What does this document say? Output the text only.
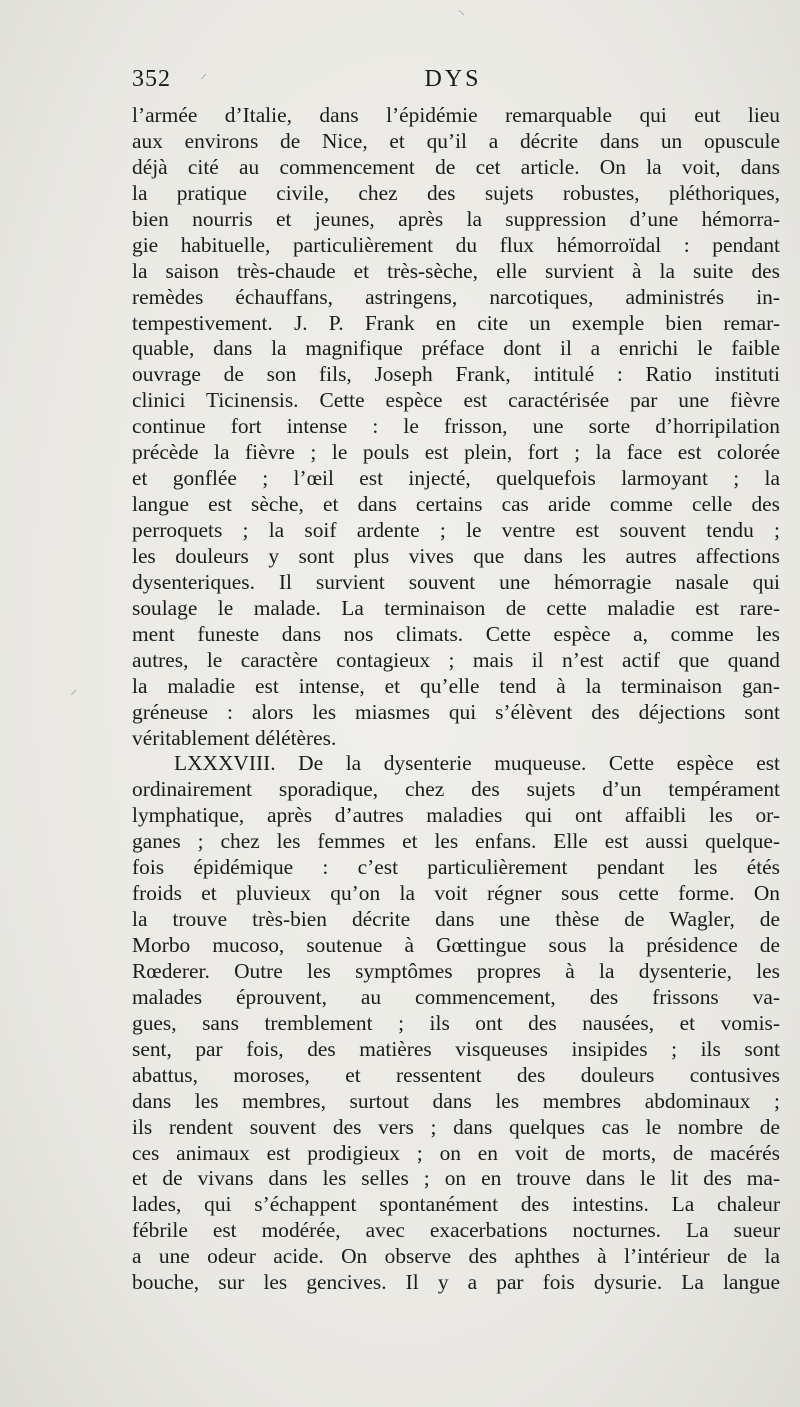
⸍
⸌
⸝
352	DYS
l’armée d’Italie, dans l’épidémie remarquable qui eut lieu
aux environs de Nice, et qu’il a décrite dans un opuscule
déjà cité au commencement de cet article. On la voit, dans
la pratique civile, chez des sujets robustes, pléthoriques,
bien nourris et jeunes, après la suppression d’une hémorra-
gie habituelle, particulièrement du flux hémorroïdal : pendant
la saison très-chaude et très-sèche, elle survient à la suite des
remèdes échauffans, astringens, narcotiques, administrés in-
tempestivement. J. P. Frank en cite un exemple bien remar-
quable, dans la magnifique préface dont il a enrichi le faible
ouvrage de son fils, Joseph Frank, intitulé : Ratio instituti
clinici Ticinensis. Cette espèce est caractérisée par une fièvre
continue fort intense : le frisson, une sorte d’horripilation
précède la fièvre ; le pouls est plein, fort ; la face est colorée
et gonflée ; l’œil est injecté, quelquefois larmoyant ; la
langue est sèche, et dans certains cas aride comme celle des
perroquets ; la soif ardente ; le ventre est souvent tendu ;
les douleurs y sont plus vives que dans les autres affections
dysenteriques. Il survient souvent une hémorragie nasale qui
soulage le malade. La terminaison de cette maladie est rare-
ment funeste dans nos climats. Cette espèce a, comme les
autres, le caractère contagieux ; mais il n’est actif que quand
la maladie est intense, et qu’elle tend à la terminaison gan-
gréneuse : alors les miasmes qui s’élèvent des déjections sont
véritablement délétères.
LXXXVIII. De la dysenterie muqueuse. Cette espèce est
ordinairement sporadique, chez des sujets d’un tempérament
lymphatique, après d’autres maladies qui ont affaibli les or-
ganes ; chez les femmes et les enfans. Elle est aussi quelque-
fois épidémique : c’est particulièrement pendant les étés
froids et pluvieux qu’on la voit régner sous cette forme. On
la trouve très-bien décrite dans une thèse de Wagler, de
Morbo mucoso, soutenue à Gœttingue sous la présidence de
Rœderer. Outre les symptômes propres à la dysenterie, les
malades éprouvent, au commencement, des frissons va-
gues, sans tremblement ; ils ont des nausées, et vomis-
sent, par fois, des matières visqueuses insipides ; ils sont
abattus, moroses, et ressentent des douleurs contusives
dans les membres, surtout dans les membres abdominaux ;
ils rendent souvent des vers ; dans quelques cas le nombre de
ces animaux est prodigieux ; on en voit de morts, de macérés
et de vivans dans les selles ; on en trouve dans le lit des ma-
lades, qui s’échappent spontanément des intestins. La chaleur
fébrile est modérée, avec exacerbations nocturnes. La sueur
a une odeur acide. On observe des aphthes à l’intérieur de la
bouche, sur les gencives. Il y a par fois dysurie. La langue
